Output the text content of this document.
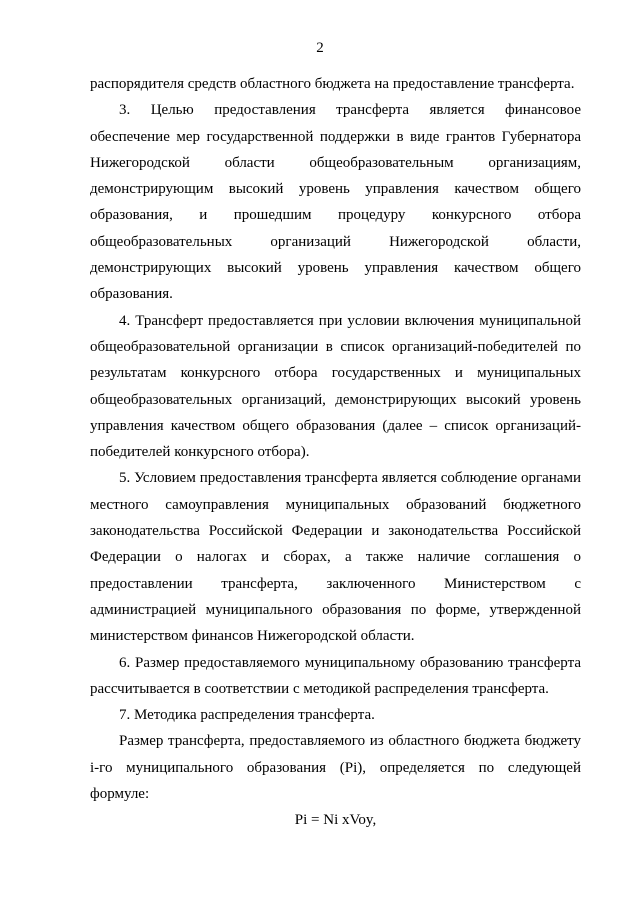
2

распорядителя средств областного бюджета на предоставление трансферта.

3. Целью предоставления трансферта является финансовое обеспечение мер государственной поддержки в виде грантов Губернатора Нижегородской области общеобразовательным организациям, демонстрирующим высокий уровень управления качеством общего образования, и прошедшим процедуру конкурсного отбора общеобразовательных организаций Нижегородской области, демонстрирующих высокий уровень управления качеством общего образования.

4. Трансферт предоставляется при условии включения муниципальной общеобразовательной организации в список организаций-победителей по результатам конкурсного отбора государственных и муниципальных общеобразовательных организаций, демонстрирующих высокий уровень управления качеством общего образования (далее – список организаций-победителей конкурсного отбора).

5. Условием предоставления трансферта является соблюдение органами местного самоуправления муниципальных образований бюджетного законодательства Российской Федерации и законодательства Российской Федерации о налогах и сборах, а также наличие соглашения о предоставлении трансферта, заключенного Министерством с администрацией муниципального образования по форме, утвержденной министерством финансов Нижегородской области.

6. Размер предоставляемого муниципальному образованию трансферта рассчитывается в соответствии с методикой распределения трансферта.

7. Методика распределения трансферта.

Размер трансферта, предоставляемого из областного бюджета бюджету i-го муниципального образования (Pi), определяется по следующей формуле:

Pi = Ni xVoy,
